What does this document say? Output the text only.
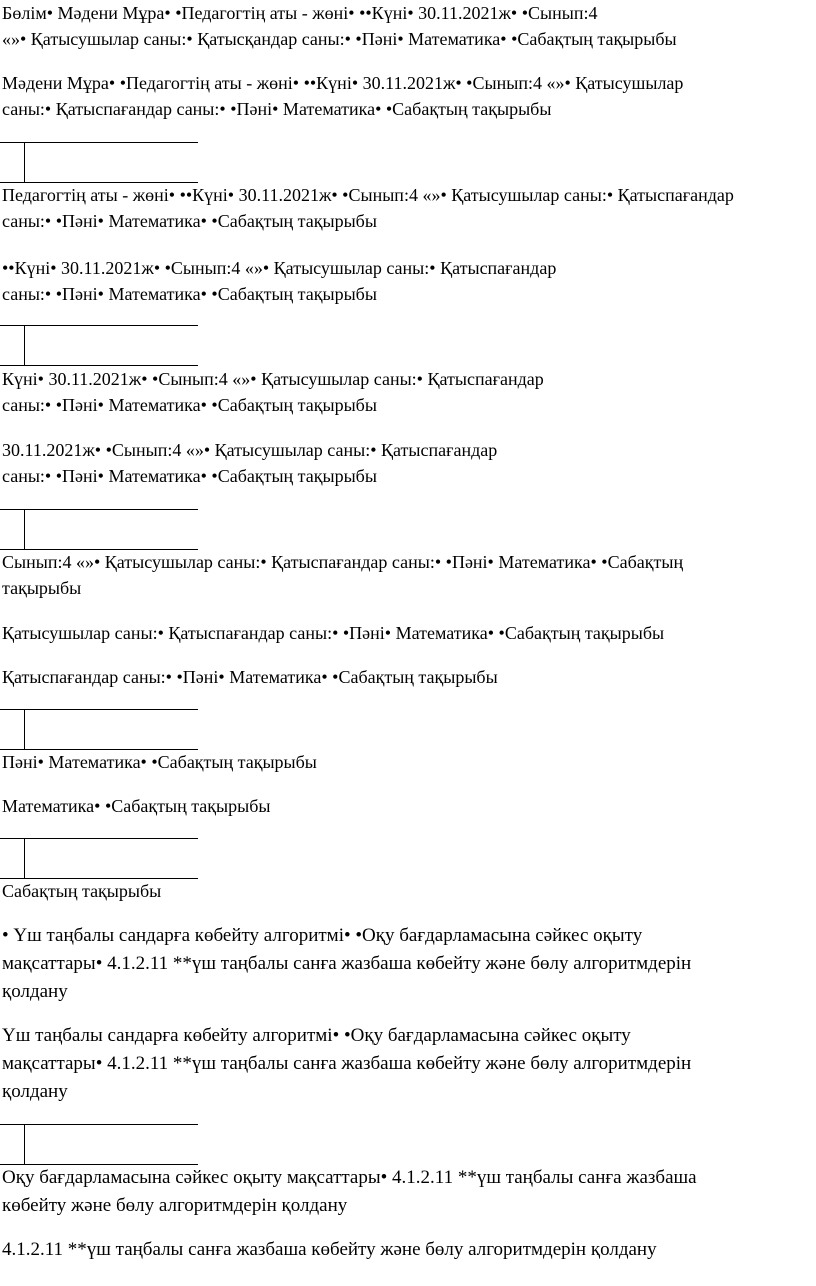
Бөлім• Мәдени Мұра• •Педагогтің аты - жөні• ••Күні• 30.11.2021ж• •Сынып:4
«»• Қатысушылар саны:• Қатысқандар саны:• •Пәні• Математика• •Сабақтың тақырыбы
Мәдени Мұра• •Педагогтің аты - жөні• ••Күні• 30.11.2021ж• •Сынып:4 «»• Қатысушылар
саны:• Қатыспағандар саны:• •Пәні• Математика• •Сабақтың тақырыбы
Педагогтің аты - жөні• ••Күні• 30.11.2021ж• •Сынып:4 «»• Қатысушылар саны:• Қатыспағандар
саны:• •Пәні• Математика• •Сабақтың тақырыбы
••Күні• 30.11.2021ж• •Сынып:4 «»• Қатысушылар саны:• Қатыспағандар
саны:• •Пәні• Математика• •Сабақтың тақырыбы
Күні• 30.11.2021ж• •Сынып:4 «»• Қатысушылар саны:• Қатыспағандар
саны:• •Пәні• Математика• •Сабақтың тақырыбы
30.11.2021ж• •Сынып:4 «»• Қатысушылар саны:• Қатыспағандар
саны:• •Пәні• Математика• •Сабақтың тақырыбы
Сынып:4 «»• Қатысушылар саны:• Қатыспағандар саны:• •Пәні• Математика• •Сабақтың
тақырыбы
Қатысушылар саны:• Қатыспағандар саны:• •Пәні• Математика• •Сабақтың тақырыбы
Қатыспағандар саны:• •Пәні• Математика• •Сабақтың тақырыбы
Пәні• Математика• •Сабақтың тақырыбы
Математика• •Сабақтың тақырыбы
Сабақтың тақырыбы
• Үш таңбалы сандарға көбейту алгоритмі• •Оқу бағдарламасына сәйкес оқыту
мақсаттары• 4.1.2.11 **үш таңбалы санға жазбаша көбейту және бөлу алгоритмдерін
қолдану
Үш таңбалы сандарға көбейту алгоритмі• •Оқу бағдарламасына сәйкес оқыту
мақсаттары• 4.1.2.11 **үш таңбалы санға жазбаша көбейту және бөлу алгоритмдерін
қолдану
Оқу бағдарламасына сәйкес оқыту мақсаттары• 4.1.2.11 **үш таңбалы санға жазбаша
көбейту және бөлу алгоритмдерін қолдану
4.1.2.11 **үш таңбалы санға жазбаша көбейту және бөлу алгоритмдерін қолдану
